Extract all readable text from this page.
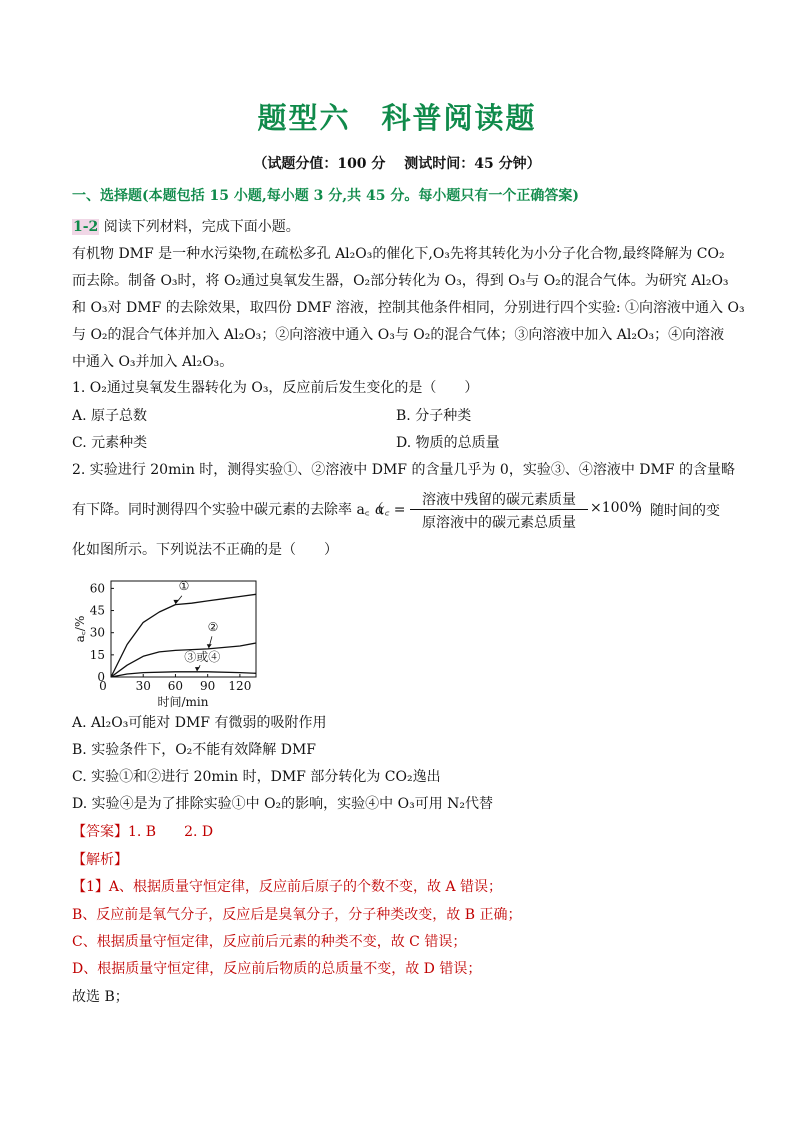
题型六　科普阅读题
（试题分值：100 分　 测试时间：45 分钟）
一、选择题(本题包括 15 小题,每小题 3 分,共 45 分。每小题只有一个正确答案)
1-2 阅读下列材料，完成下面小题。
有机物 DMF 是一种水污染物,在疏松多孔 Al₂O₃的催化下,O₃先将其转化为小分子化合物,最终降解为 CO₂
而去除。制备 O₃时，将 O₂通过臭氧发生器，O₂部分转化为 O₃，得到 O₃与 O₂的混合气体。为研究 Al₂O₃
和 O₃对 DMF 的去除效果，取四份 DMF 溶液，控制其他条件相同，分别进行四个实验: ①向溶液中通入 O₃
与 O₂的混合气体并加入 Al₂O₃；②向溶液中通入 O₃与 O₂的混合气体；③向溶液中加入 Al₂O₃；④向溶液
中通入 O₃并加入 Al₂O₃。
1. O₂通过臭氧发生器转化为 O₃，反应前后发生变化的是（　　）
A. 原子总数	B. 分子种类
C. 元素种类	D. 物质的总质量
2. 实验进行 20min 时，测得实验①、②溶液中 DMF 的含量几乎为 0，实验③、④溶液中 DMF 的含量略
有下降。同时测得四个实验中碳元素的去除率 a꜀（
α꜀ =
溶液中残留的碳元素质量
原溶液中的碳元素总质量
×100%
）随时间的变
化如图所示。下列说法不正确的是（　　）
0
15
30
45
60
0 30 60 90 120
时间/min
a꜀/%
①
②
③或④
A. Al₂O₃可能对 DMF 有微弱的吸附作用
B. 实验条件下，O₂不能有效降解 DMF
C. 实验①和②进行 20min 时，DMF 部分转化为 CO₂逸出
D. 实验④是为了排除实验①中 O₂的影响，实验④中 O₃可用 N₂代替
【答案】1. B　　2. D
【解析】
【1】A、根据质量守恒定律，反应前后原子的个数不变，故 A 错误；
B、反应前是氧气分子，反应后是臭氧分子，分子种类改变，故 B 正确；
C、根据质量守恒定律，反应前后元素的种类不变，故 C 错误；
D、根据质量守恒定律，反应前后物质的总质量不变，故 D 错误；
故选 B；
